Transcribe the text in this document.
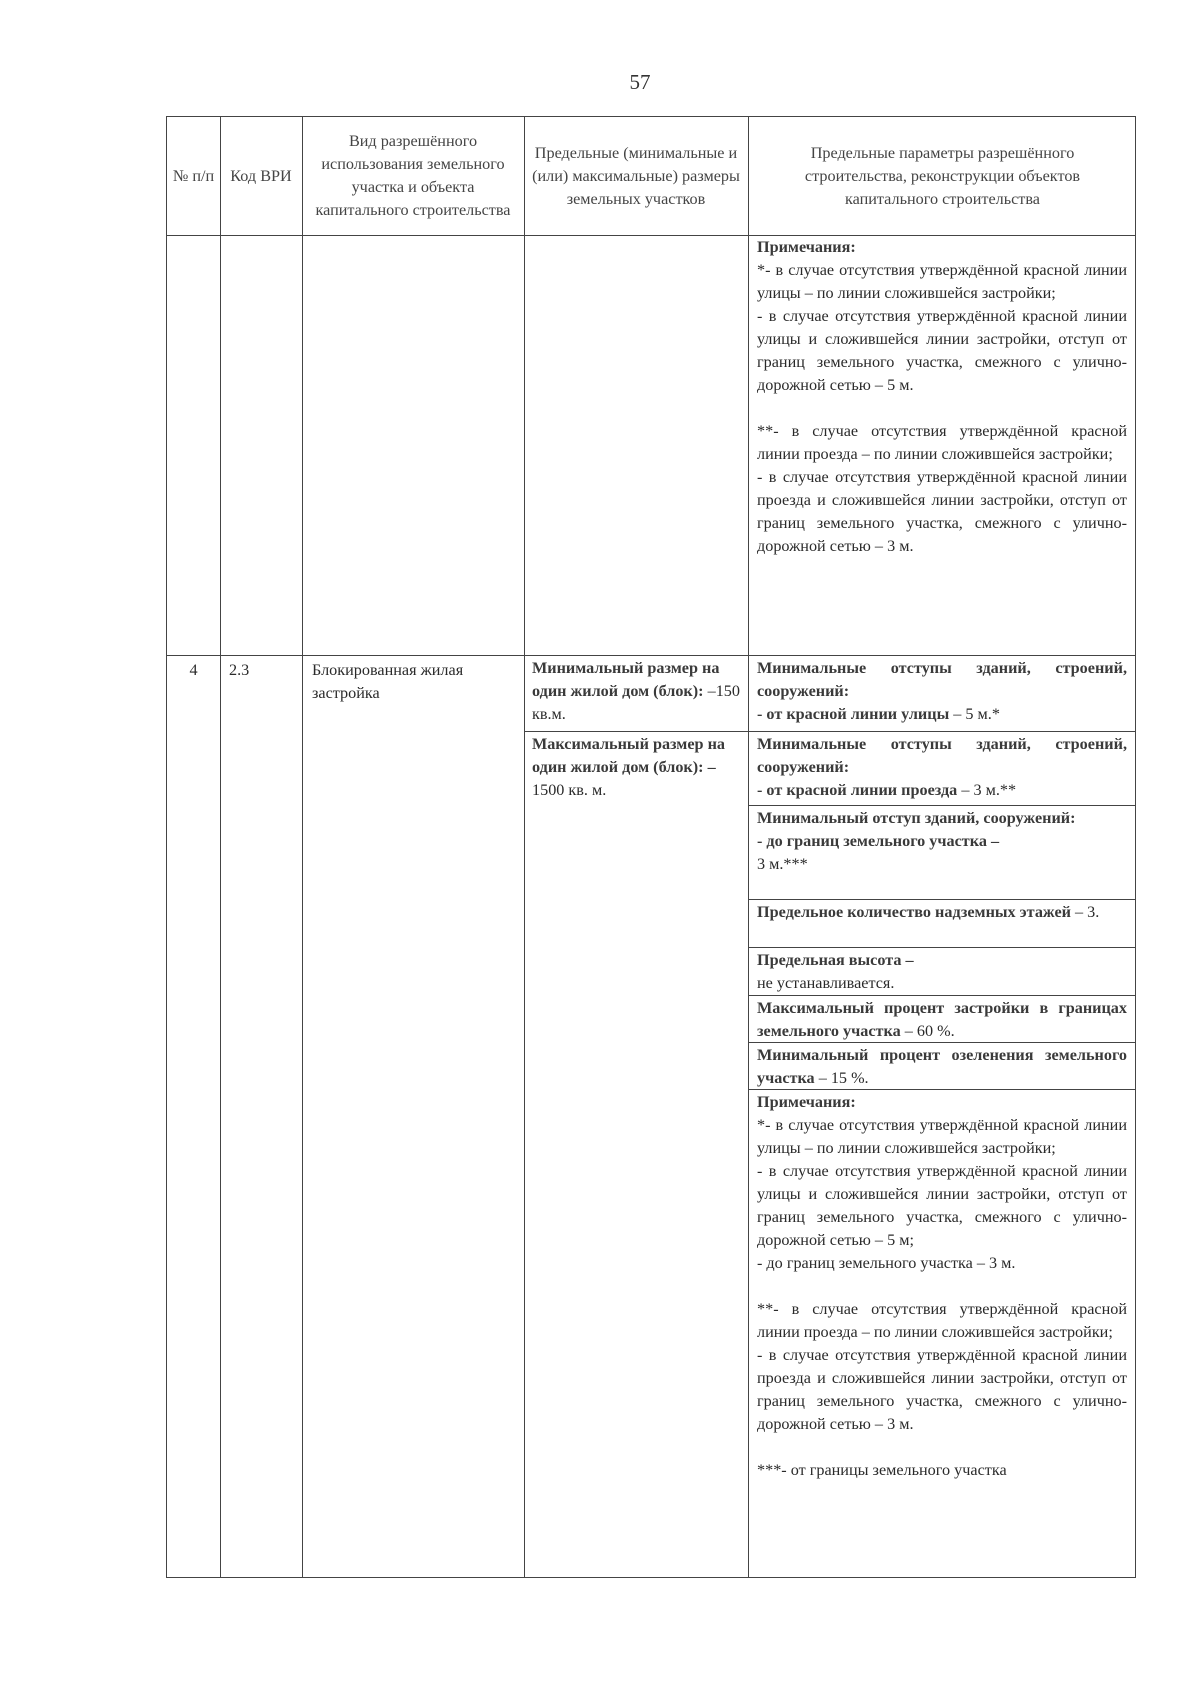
57
№ п/п Код ВРИ
Вид разрешённого использования земельного участка и объекта капитального строительства
Предельные (минимальные и (или) максимальные) размеры земельных участков
Предельные параметры разрешённого строительства, реконструкции объектов капитального строительства

Примечания:

*- в случае отсутствия утверждённой красной линии улицы – по линии сложившейся застройки;

- в случае отсутствия утверждённой красной линии улицы и сложившейся линии застройки, отступ от границ земельного участка, смежного с улично-дорожной сетью – 5 м.

**- в случае отсутствия утверждённой красной линии проезда – по линии сложившейся застройки;

- в случае отсутствия утверждённой красной линии проезда и сложившейся линии застройки, отступ от границ земельного участка, смежного с улично-дорожной сетью – 3 м.

4	2.3	Блокированная жилая застройка
Минимальный размер на один жилой дом (блок): –150 кв.м.
Максимальный размер на один жилой дом (блок): –
1500 кв. м.
Минимальные отступы зданий, строений, сооружений:
- от красной линии улицы – 5 м.*
Минимальные отступы зданий, строений, сооружений:
- от красной линии проезда – 3 м.**
Минимальный отступ зданий, сооружений:
- до границ земельного участка –
3 м.***
Предельное количество надземных этажей – 3.
Предельная высота –
не устанавливается.
Максимальный процент застройки в границах земельного участка – 60 %.
Минимальный процент озеленения земельного участка – 15 %.

Примечания:

*- в случае отсутствия утверждённой красной линии улицы – по линии сложившейся застройки;

- в случае отсутствия утверждённой красной линии улицы и сложившейся линии застройки, отступ от границ земельного участка, смежного с улично-дорожной сетью – 5 м;

- до границ земельного участка – 3 м.

**- в случае отсутствия утверждённой красной линии проезда – по линии сложившейся застройки;

- в случае отсутствия утверждённой красной линии проезда и сложившейся линии застройки, отступ от границ земельного участка, смежного с улично-дорожной сетью – 3 м.

***- от границы земельного участка
